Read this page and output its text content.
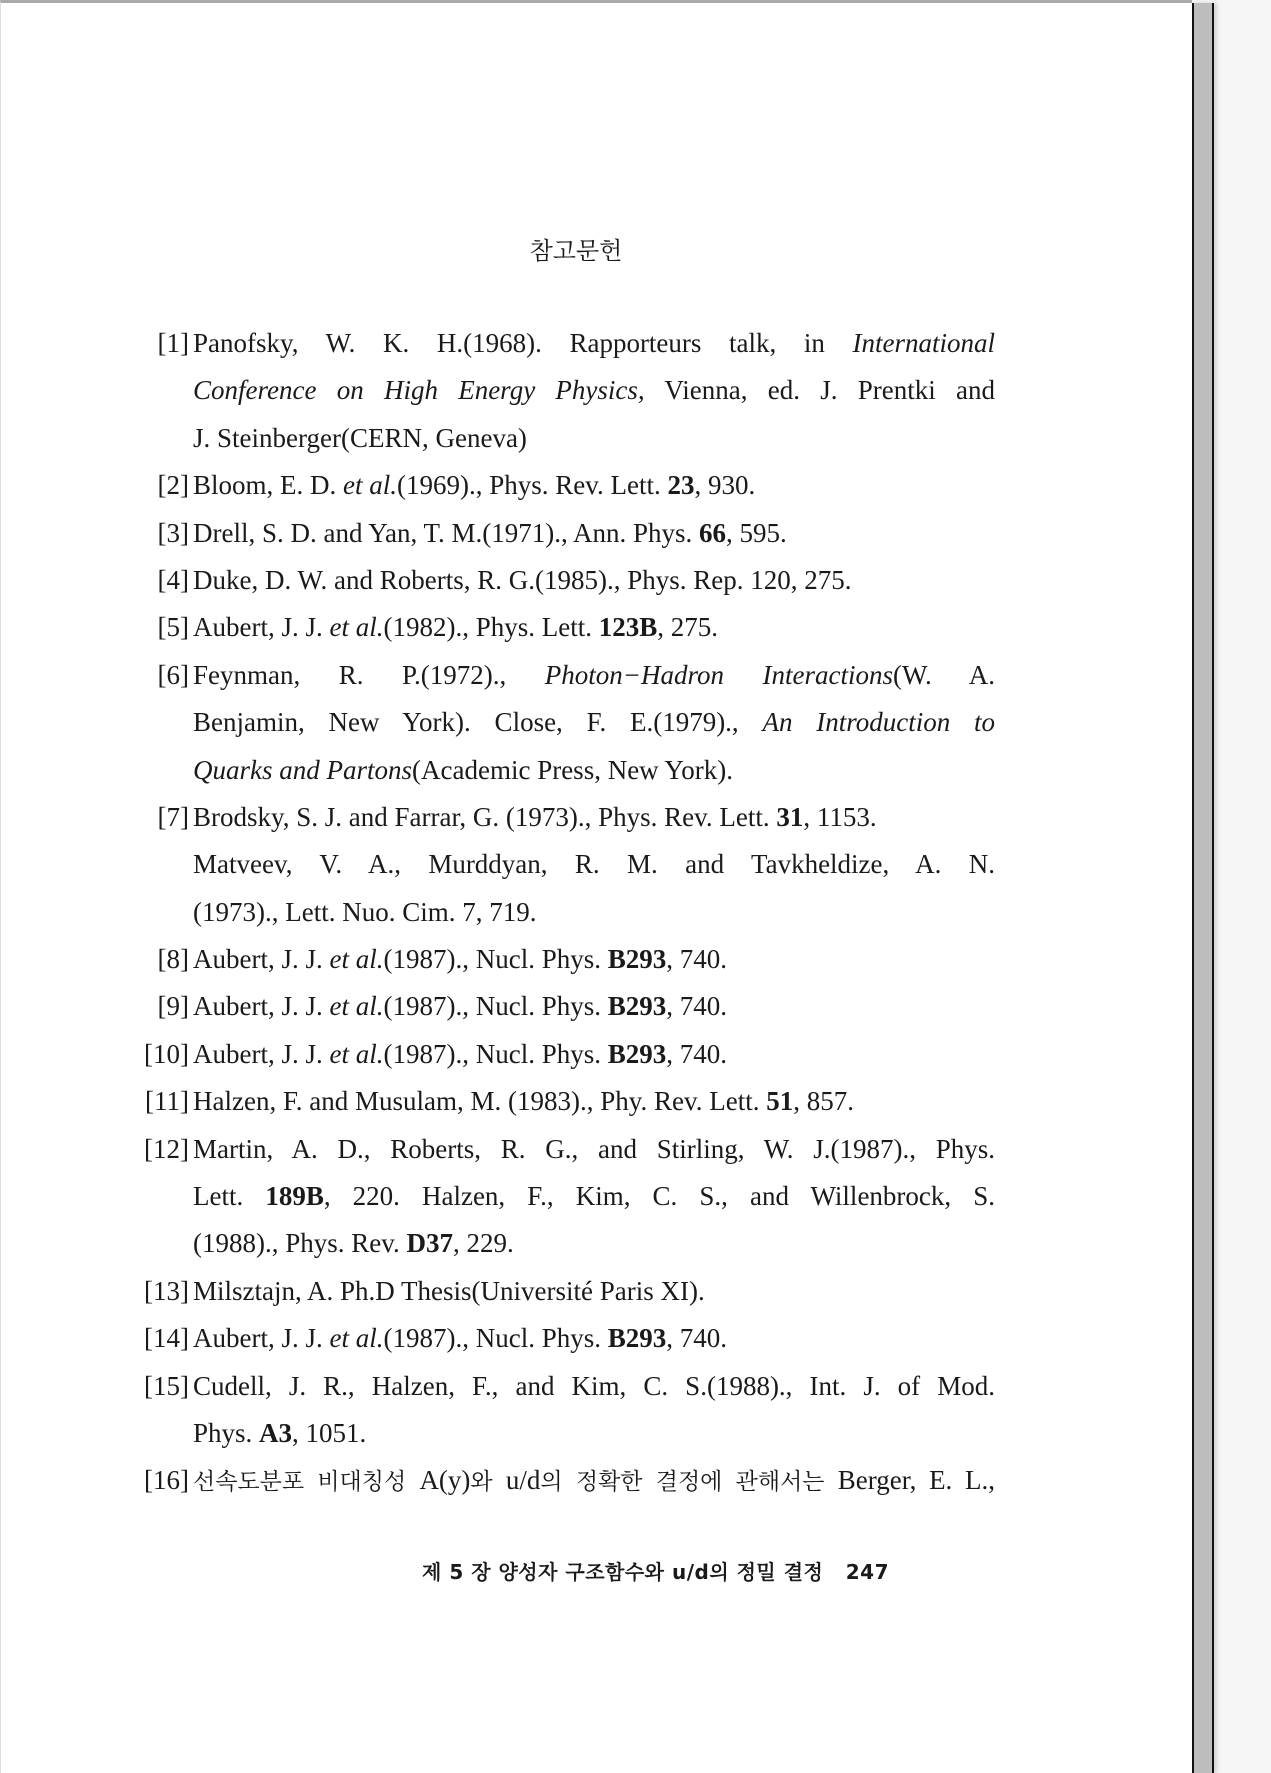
참고문헌
[1] Panofsky, W. K. H.(1968). Rapporteurs talk, in International
Conference on High Energy Physics, Vienna, ed. J. Prentki and
J. Steinberger(CERN, Geneva)
[2] Bloom, E. D. et al.(1969)., Phys. Rev. Lett. 23, 930.
[3] Drell, S. D. and Yan, T. M.(1971)., Ann. Phys. 66, 595.
[4] Duke, D. W. and Roberts, R. G.(1985)., Phys. Rep. 120, 275.
[5] Aubert, J. J. et al.(1982)., Phys. Lett. 123B, 275.
[6] Feynman, R. P.(1972)., Photon−Hadron Interactions(W. A.
Benjamin, New York). Close, F. E.(1979)., An Introduction to
Quarks and Partons(Academic Press, New York).
[7] Brodsky, S. J. and Farrar, G. (1973)., Phys. Rev. Lett. 31, 1153.
Matveev, V. A., Murddyan, R. M. and Tavkheldize, A. N.
(1973)., Lett. Nuo. Cim. 7, 719.
[8] Aubert, J. J. et al.(1987)., Nucl. Phys. B293, 740.
[9] Aubert, J. J. et al.(1987)., Nucl. Phys. B293, 740.
[10] Aubert, J. J. et al.(1987)., Nucl. Phys. B293, 740.
[11] Halzen, F. and Musulam, M. (1983)., Phy. Rev. Lett. 51, 857.
[12] Martin, A. D., Roberts, R. G., and Stirling, W. J.(1987)., Phys.
Lett. 189B, 220. Halzen, F., Kim, C. S., and Willenbrock, S.
(1988)., Phys. Rev. D37, 229.
[13] Milsztajn, A. Ph.D Thesis(Université Paris XI).
[14] Aubert, J. J. et al.(1987)., Nucl. Phys. B293, 740.
[15] Cudell, J. R., Halzen, F., and Kim, C. S.(1988)., Int. J. of Mod.
Phys. A3, 1051.
[16] 선속도분포 비대칭성 A(y)와 u/d의 정확한 결정에 관해서는 Berger, E. L.,
제 5 장 양성자 구조함수와 u/d의 정밀 결정 247
